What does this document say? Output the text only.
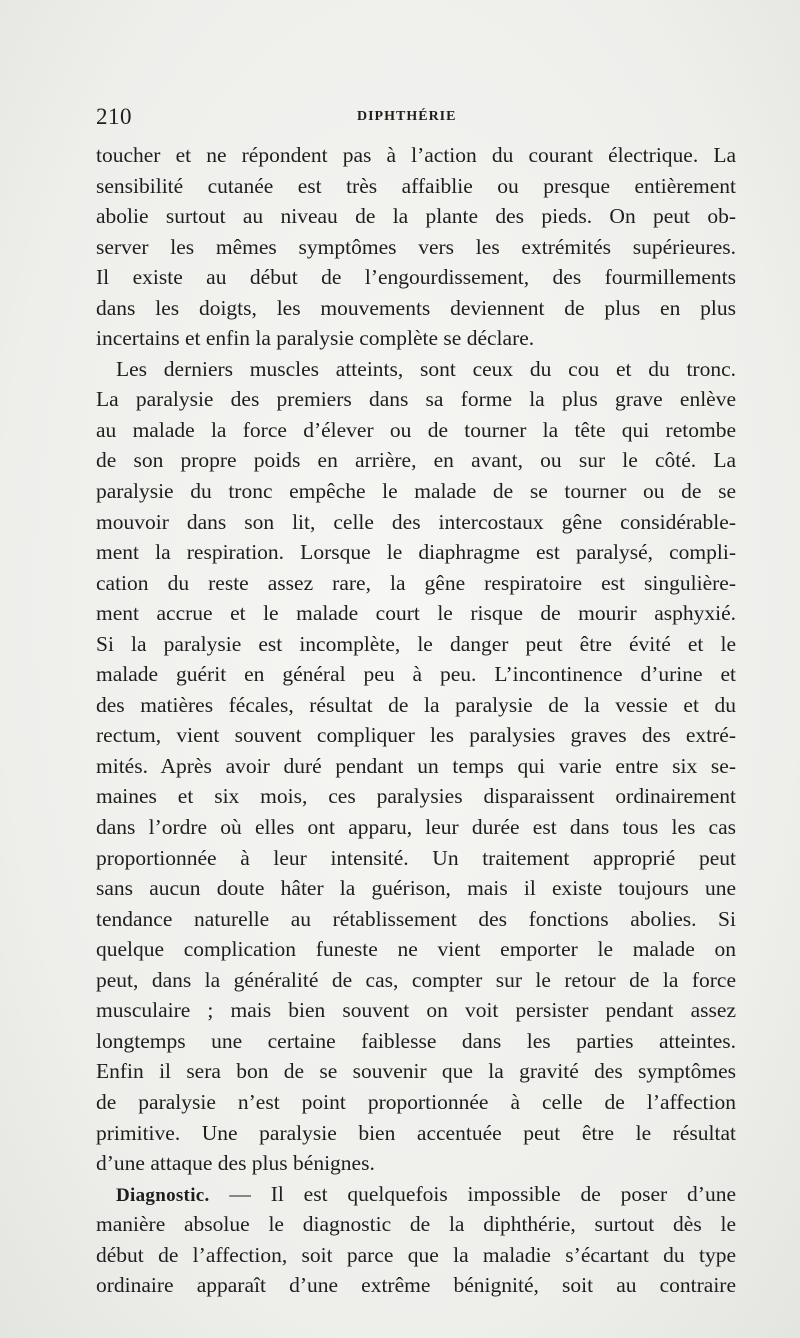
210	DIPHTHÉRIE
toucher et ne répondent pas à l’action du courant électrique. La
sensibilité cutanée est très affaiblie ou presque entièrement
abolie surtout au niveau de la plante des pieds. On peut ob-
server les mêmes symptômes vers les extrémités supérieures.
Il existe au début de l’engourdissement, des fourmillements
dans les doigts, les mouvements deviennent de plus en plus
incertains et enfin la paralysie complète se déclare.
Les derniers muscles atteints, sont ceux du cou et du tronc.
La paralysie des premiers dans sa forme la plus grave enlève
au malade la force d’élever ou de tourner la tête qui retombe
de son propre poids en arrière, en avant, ou sur le côté. La
paralysie du tronc empêche le malade de se tourner ou de se
mouvoir dans son lit, celle des intercostaux gêne considérable-
ment la respiration. Lorsque le diaphragme est paralysé, compli-
cation du reste assez rare, la gêne respiratoire est singulière-
ment accrue et le malade court le risque de mourir asphyxié.
Si la paralysie est incomplète, le danger peut être évité et le
malade guérit en général peu à peu. L’incontinence d’urine et
des matières fécales, résultat de la paralysie de la vessie et du
rectum, vient souvent compliquer les paralysies graves des extré-
mités. Après avoir duré pendant un temps qui varie entre six se-
maines et six mois, ces paralysies disparaissent ordinairement
dans l’ordre où elles ont apparu, leur durée est dans tous les cas
proportionnée à leur intensité. Un traitement approprié peut
sans aucun doute hâter la guérison, mais il existe toujours une
tendance naturelle au rétablissement des fonctions abolies. Si
quelque complication funeste ne vient emporter le malade on
peut, dans la généralité de cas, compter sur le retour de la force
musculaire ; mais bien souvent on voit persister pendant assez
longtemps une certaine faiblesse dans les parties atteintes.
Enfin il sera bon de se souvenir que la gravité des symptômes
de paralysie n’est point proportionnée à celle de l’affection
primitive. Une paralysie bien accentuée peut être le résultat
d’une attaque des plus bénignes.
Diagnostic. — Il est quelquefois impossible de poser d’une
manière absolue le diagnostic de la diphthérie, surtout dès le
début de l’affection, soit parce que la maladie s’écartant du type
ordinaire apparaît d’une extrême bénignité, soit au contraire
